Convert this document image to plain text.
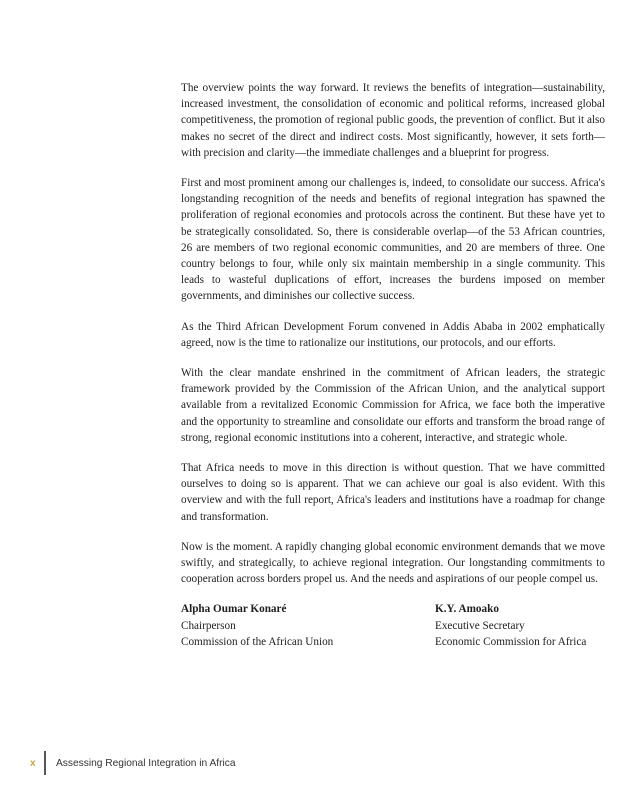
The overview points the way forward. It reviews the benefits of integration—sustainability, increased investment, the consolidation of economic and political reforms, increased global competitiveness, the promotion of regional public goods, the prevention of conflict. But it also makes no secret of the direct and indirect costs. Most significantly, however, it sets forth—with precision and clarity—the immediate challenges and a blueprint for progress.

First and most prominent among our challenges is, indeed, to consolidate our success. Africa's longstanding recognition of the needs and benefits of regional integration has spawned the proliferation of regional economies and protocols across the continent. But these have yet to be strategically consolidated. So, there is considerable overlap—of the 53 African countries, 26 are members of two regional economic communities, and 20 are members of three. One country belongs to four, while only six maintain membership in a single community. This leads to wasteful duplications of effort, increases the burdens imposed on member governments, and diminishes our collective success.

As the Third African Development Forum convened in Addis Ababa in 2002 emphatically agreed, now is the time to rationalize our institutions, our protocols, and our efforts.

With the clear mandate enshrined in the commitment of African leaders, the strategic framework provided by the Commission of the African Union, and the analytical support available from a revitalized Economic Commission for Africa, we face both the imperative and the opportunity to streamline and consolidate our efforts and transform the broad range of strong, regional economic institutions into a coherent, interactive, and strategic whole.

That Africa needs to move in this direction is without question. That we have committed ourselves to doing so is apparent. That we can achieve our goal is also evident. With this overview and with the full report, Africa's leaders and institutions have a roadmap for change and transformation.

Now is the moment. A rapidly changing global economic environment demands that we move swiftly, and strategically, to achieve regional integration. Our longstanding commitments to cooperation across borders propel us. And the needs and aspirations of our people compel us.

Alpha Oumar Konaré
Chairperson
Commission of the African Union
K.Y. Amoako
Executive Secretary
Economic Commission for Africa
x	Assessing Regional Integration in Africa
